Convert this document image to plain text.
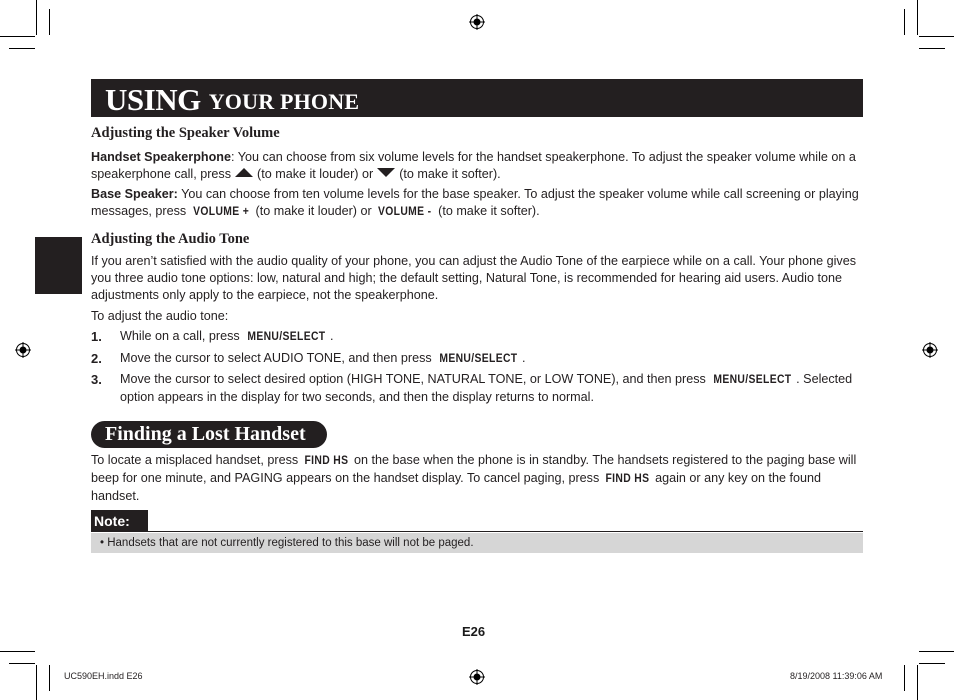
USING YOUR PHONE
Adjusting the Speaker Volume
Handset Speakerphone: You can choose from six volume levels for the handset speakerphone. To adjust the speaker volume while on a speakerphone call, press (to make it louder) or (to make it softer).
Base Speaker: You can choose from ten volume levels for the base speaker. To adjust the speaker volume while call screening or playing messages, press VOLUME + (to make it louder) or VOLUME - (to make it softer).
Adjusting the Audio Tone
If you aren’t satisfied with the audio quality of your phone, you can adjust the Audio Tone of the earpiece while on a call. Your phone gives you three audio tone options: low, natural and high; the default setting, Natural Tone, is recommended for hearing aid users. Audio tone adjustments only apply to the earpiece, not the speakerphone.
To adjust the audio tone:
1. While on a call, press MENU/SELECT .
2. Move the cursor to select AUDIO TONE, and then press MENU/SELECT .
3. Move the cursor to select desired option (HIGH TONE, NATURAL TONE, or LOW TONE), and then press MENU/SELECT . Selected option appears in the display for two seconds, and then the display returns to normal.
Finding a Lost Handset
To locate a misplaced handset, press FIND HS on the base when the phone is in standby. The handsets registered to the paging base will beep for one minute, and PAGING appears on the handset display. To cancel paging, press FIND HS again or any key on the found handset.
Note:
• Handsets that are not currently registered to this base will not be paged.
E26
UC590EH.indd E26	8/19/2008 11:39:06 AM
